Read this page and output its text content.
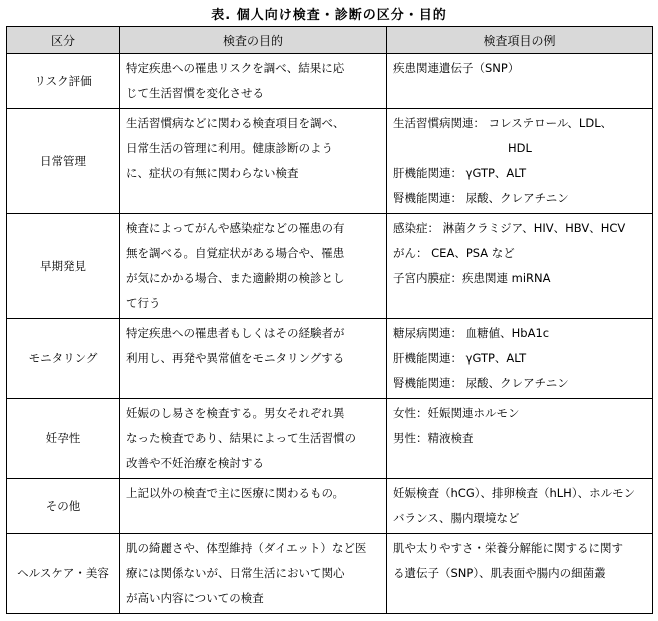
表. 個人向け検査・診断の区分・目的
区分	検査の目的	検査項目の例
リスク評価	特定疾患への罹患リスクを調べ、結果に応
じて生活習慣を変化させる	疾患関連遺伝子（SNP）

日常管理	生活習慣病などに関わる検査項目を調べ、
日常生活の管理に利用。健康診断のよう
に、症状の有無に関わらない検査	生活習慣病関連： コレステロール、LDL、
HDL
肝機能関連： γGTP、ALT
腎機能関連： 尿酸、クレアチニン

早期発見	検査によってがんや感染症などの罹患の有
無を調べる。自覚症状がある場合や、罹患
が気にかかる場合、また適齢期の検診とし
て行う	感染症： 淋菌クラミジア、HIV、HBV、HCV
がん： CEA、PSA など
子宮内膜症：疾患関連 miRNA

モニタリング	特定疾患への罹患者もしくはその経験者が
利用し、再発や異常値をモニタリングする	糖尿病関連： 血糖値、HbA1c
肝機能関連： γGTP、ALT
腎機能関連： 尿酸、クレアチニン

妊孕性	妊娠のし易さを検査する。男女それぞれ異
なった検査であり、結果によって生活習慣の
改善や不妊治療を検討する	女性：妊娠関連ホルモン
男性：精液検査

その他	上記以外の検査で主に医療に関わるもの。	妊娠検査（hCG）、排卵検査（hLH）、ホルモン
バランス、腸内環境など

ヘルスケア・美容	肌の綺麗さや、体型維持（ダイエット）など医
療には関係ないが、日常生活において関心
が高い内容についての検査	肌や太りやすさ・栄養分解能に関するに関す
る遺伝子（SNP）、肌表面や腸内の細菌叢
